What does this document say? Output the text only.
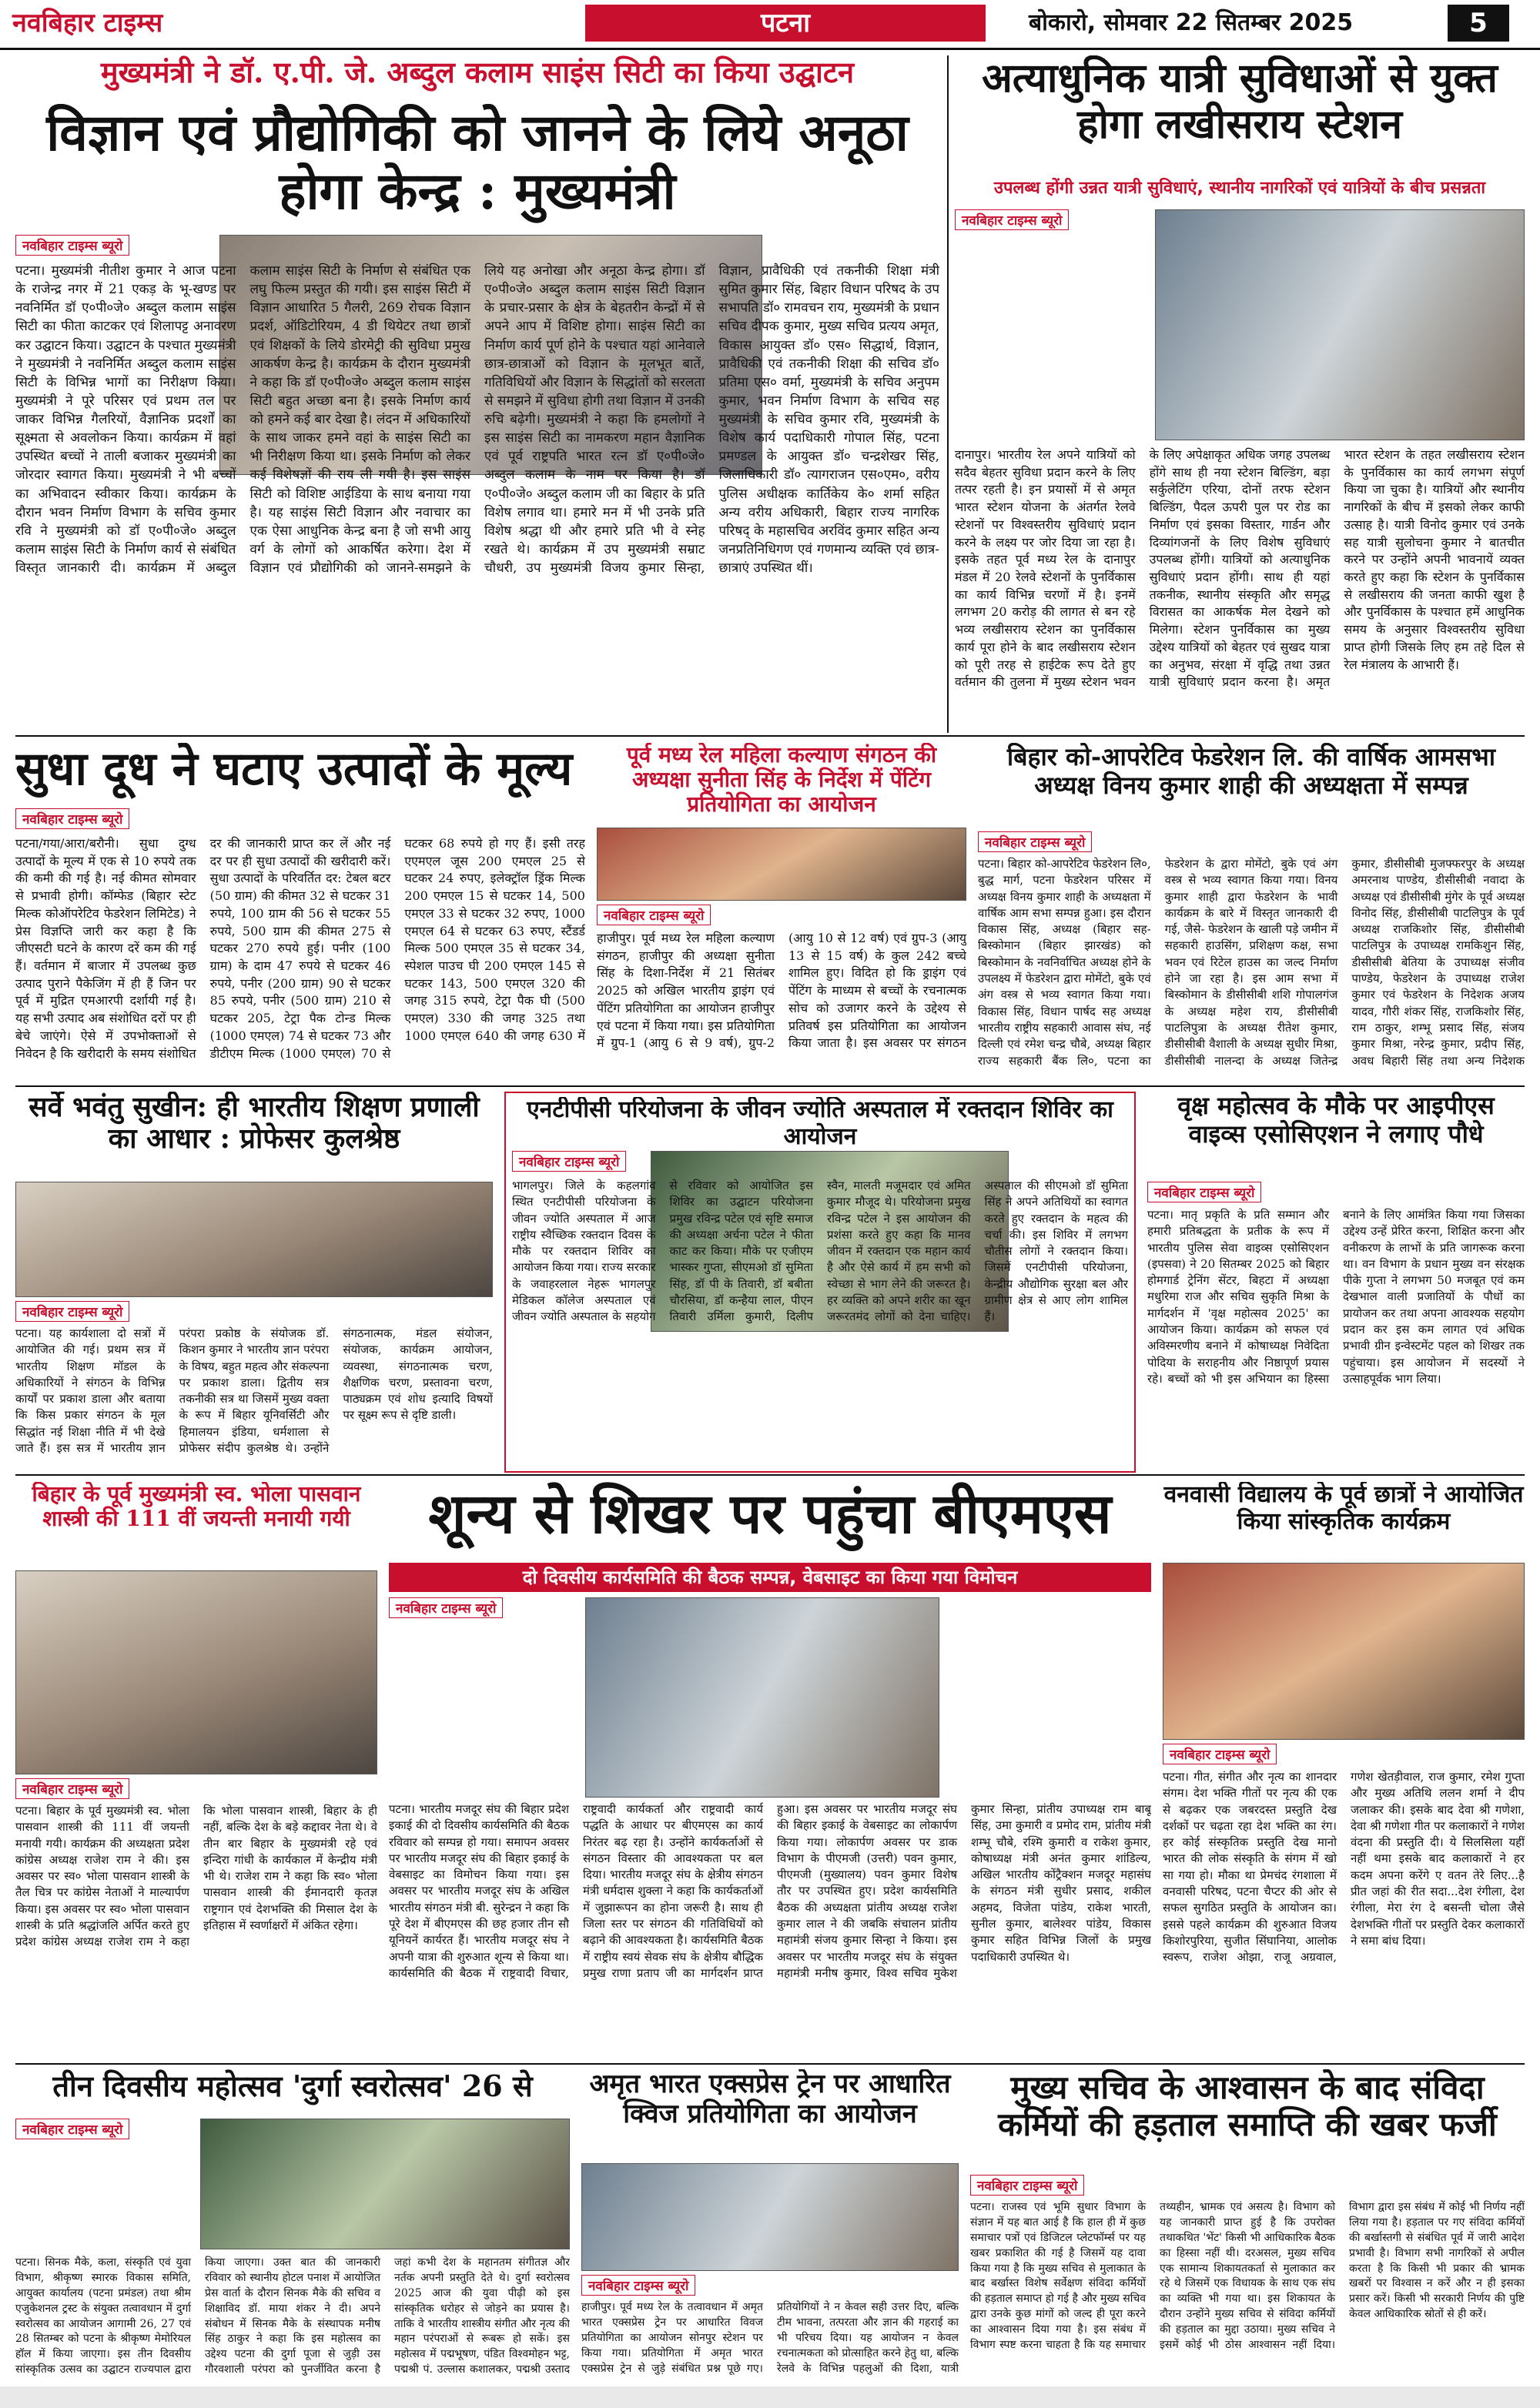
नवबिहार टाइम्स	पटना	बोकारो, सोमवार 22 सितम्बर 2025	5
मुख्यमंत्री ने डॉ. ए.पी. जे. अब्दुल कलाम साइंस सिटी का किया उद्घाटन
विज्ञान एवं प्रौद्योगिकी को जानने के लिये अनूठा होगा केन्द्र : मुख्यमंत्री
नवबिहार टाइम्स ब्यूरो
पटना। मुख्यमंत्री नीतीश कुमार ने आज पटना के राजेन्द्र नगर में 21 एकड़ के भू-खण्ड पर नवनिर्मित डॉ ए०पी०जे० अब्दुल कलाम साइंस सिटी का फीता काटकर एवं शिलापट्ट अनावरण कर उद्घाटन किया। उद्घाटन के पश्चात मुख्यमंत्री ने मुख्यमंत्री ने नवनिर्मित अब्दुल कलाम साइंस सिटी के विभिन्न भागों का निरीक्षण किया। मुख्यमंत्री ने पूरे परिसर एवं प्रथम तल पर जाकर विभिन्न गैलरियों, वैज्ञानिक प्रदर्शों का सूक्ष्मता से अवलोकन किया। कार्यक्रम में वहां उपस्थित बच्चों ने ताली बजाकर मुख्यमंत्री का जोरदार स्वागत किया। मुख्यमंत्री ने भी बच्चों का अभिवादन स्वीकार किया। कार्यक्रम के दौरान भवन निर्माण विभाग के सचिव कुमार रवि ने मुख्यमंत्री को डॉ ए०पी०जे० अब्दुल कलाम साइंस सिटी के निर्माण कार्य से संबंधित विस्तृत जानकारी दी। कार्यक्रम में अब्दुल कलाम साइंस सिटी के निर्माण से संबंधित एक लघु फिल्म प्रस्तुत की गयी। इस साइंस सिटी में विज्ञान आधारित 5 गैलरी, 269 रोचक विज्ञान प्रदर्श, ऑडिटोरियम, 4 डी थियेटर तथा छात्रों एवं शिक्षकों के लिये डोरमेट्री की सुविधा प्रमुख आकर्षण केन्द्र है। कार्यक्रम के दौरान मुख्यमंत्री ने कहा कि डॉ ए०पी०जे० अब्दुल कलाम साइंस सिटी बहुत अच्छा बना है। इसके निर्माण कार्य को हमने कई बार देखा है। लंदन में अधिकारियों के साथ जाकर हमने वहां के साइंस सिटी का भी निरीक्षण किया था। इसके निर्माण को लेकर कई विशेषज्ञों की राय ली गयी है। इस साइंस सिटी को विशिष्ट आईडिया के साथ बनाया गया है। यह साइंस सिटी विज्ञान और नवाचार का एक ऐसा आधुनिक केन्द्र बना है जो सभी आयु वर्ग के लोगों को आकर्षित करेगा। देश में विज्ञान एवं प्रौद्योगिकी को जानने-समझने के लिये यह अनोखा और अनूठा केन्द्र होगा। डॉ ए०पी०जे० अब्दुल कलाम साइंस सिटी विज्ञान के प्रचार-प्रसार के क्षेत्र के बेहतरीन केन्द्रों में से अपने आप में विशिष्ट होगा। साइंस सिटी का निर्माण कार्य पूर्ण होने के पश्चात यहां आनेवाले छात्र-छात्राओं को विज्ञान के मूलभूत बातें, गतिविधियों और विज्ञान के सिद्धांतों को सरलता से समझने में सुविधा होगी तथा विज्ञान में उनकी रुचि बढ़ेगी। मुख्यमंत्री ने कहा कि हमलोगों ने इस साइंस सिटी का नामकरण महान वैज्ञानिक एवं पूर्व राष्ट्रपति भारत रत्न डॉ ए०पी०जे० अब्दुल कलाम के नाम पर किया है। डॉ ए०पी०जे० अब्दुल कलाम जी का बिहार के प्रति विशेष लगाव था। हमारे मन में भी उनके प्रति विशेष श्रद्धा थी और हमारे प्रति भी वे स्नेह रखते थे। कार्यक्रम में उप मुख्यमंत्री सम्राट चौधरी, उप मुख्यमंत्री विजय कुमार सिन्हा, विज्ञान, प्रावैधिकी एवं तकनीकी शिक्षा मंत्री सुमित कुमार सिंह, बिहार विधान परिषद के उप सभापति डॉ० रामवचन राय, मुख्यमंत्री के प्रधान सचिव दीपक कुमार, मुख्य सचिव प्रत्यय अमृत, विकास आयुक्त डॉ० एस० सिद्धार्थ, विज्ञान, प्रावैधिकी एवं तकनीकी शिक्षा की सचिव डॉ० प्रतिमा एस० वर्मा, मुख्यमंत्री के सचिव अनुपम कुमार, भवन निर्माण विभाग के सचिव सह मुख्यमंत्री के सचिव कुमार रवि, मुख्यमंत्री के विशेष कार्य पदाधिकारी गोपाल सिंह, पटना प्रमण्डल के आयुक्त डॉ० चन्द्रशेखर सिंह, जिलाधिकारी डॉ० त्यागराजन एस०एम०, वरीय पुलिस अधीक्षक कार्तिकेय के० शर्मा सहित अन्य वरीय अधिकारी, बिहार राज्य नागरिक परिषद् के महासचिव अरविंद कुमार सहित अन्य जनप्रतिनिधिगण एवं गणमान्य व्यक्ति एवं छात्र-छात्राएं उपस्थित थीं।
अत्याधुनिक यात्री सुविधाओं से युक्त होगा लखीसराय स्टेशन
उपलब्ध होंगी उन्नत यात्री सुविधाएं, स्थानीय नागरिकों एवं यात्रियों के बीच प्रसन्नता
नवबिहार टाइम्स ब्यूरो
दानापुर। भारतीय रेल अपने यात्रियों को सदैव बेहतर सुविधा प्रदान करने के लिए तत्पर रहती है। इन प्रयासों में से अमृत भारत स्टेशन योजना के अंतर्गत रेलवे स्टेशनों पर विश्वस्तरीय सुविधाएं प्रदान करने के लक्ष्य पर जोर दिया जा रहा है। इसके तहत पूर्व मध्य रेल के दानापुर मंडल में 20 रेलवे स्टेशनों के पुनर्विकास का कार्य विभिन्न चरणों में है। इनमें लगभग 20 करोड़ की लागत से बन रहे भव्य लखीसराय स्टेशन का पुनर्विकास कार्य पूरा होने के बाद लखीसराय स्टेशन को पूरी तरह से हाईटेक रूप देते हुए वर्तमान की तुलना में मुख्य स्टेशन भवन के लिए अपेक्षाकृत अधिक जगह उपलब्ध होंगे साथ ही नया स्टेशन बिल्डिंग, बड़ा सर्कुलेटिंग एरिया, दोनों तरफ स्टेशन बिल्डिंग, पैदल ऊपरी पुल पर रोड का निर्माण एवं इसका विस्तार, गार्डन और दिव्यांगजनों के लिए विशेष सुविधाएं उपलब्ध होंगी। यात्रियों को अत्याधुनिक सुविधाएं प्रदान होंगी। साथ ही यहां तकनीक, स्थानीय संस्कृति और समृद्ध विरासत का आकर्षक मेल देखने को मिलेगा। स्टेशन पुनर्विकास का मुख्य उद्देश्य यात्रियों को बेहतर एवं सुखद यात्रा का अनुभव, संरक्षा में वृद्धि तथा उन्नत यात्री सुविधाएं प्रदान करना है। अमृत भारत स्टेशन के तहत लखीसराय स्टेशन के पुनर्विकास का कार्य लगभग संपूर्ण किया जा चुका है। यात्रियों और स्थानीय नागरिकों के बीच में इसको लेकर काफी उत्साह है। यात्री विनोद कुमार एवं उनके सह यात्री सुलोचना कुमार ने बातचीत करने पर उन्होंने अपनी भावनायें व्यक्त करते हुए कहा कि स्टेशन के पुनर्विकास से लखीसराय की जनता काफी खुश है और पुनर्विकास के पश्चात हमें आधुनिक समय के अनुसार विश्वस्तरीय सुविधा प्राप्त होगी जिसके लिए हम तहे दिल से रेल मंत्रालय के आभारी हैं।
सुधा दूध ने घटाए उत्पादों के मूल्य
नवबिहार टाइम्स ब्यूरो
पटना/गया/आरा/बरौनी। सुधा दुग्ध उत्पादों के मूल्य में एक से 10 रुपये तक की कमी की गई है। नई कीमत सोमवार से प्रभावी होगी। कॉम्फेड (बिहार स्टेट मिल्क कोऑपरेटिव फेडरेशन लिमिटेड) ने प्रेस विज्ञप्ति जारी कर कहा है कि जीएसटी घटने के कारण दरें कम की गई हैं। वर्तमान में बाजार में उपलब्ध कुछ उत्पाद पुराने पैकेजिंग में ही हैं जिन पर पूर्व में मुद्रित एमआरपी दर्शायी गई है। यह सभी उत्पाद अब संशोधित दरों पर ही बेचे जाएंगे। ऐसे में उपभोक्ताओं से निवेदन है कि खरीदारी के समय संशोधित दर की जानकारी प्राप्त कर लें और नई दर पर ही सुधा उत्पादों की खरीदारी करें। सुधा उत्पादों के परिवर्तित दर: टेबल बटर (50 ग्राम) की कीमत 32 से घटकर 31 रुपये, 100 ग्राम की 56 से घटकर 55 रुपये, 500 ग्राम की कीमत 275 से घटकर 270 रुपये हुई। पनीर (100 ग्राम) के दाम 47 रुपये से घटकर 46 रुपये, पनीर (200 ग्राम) 90 से घटकर 85 रुपये, पनीर (500 ग्राम) 210 से घटकर 205, टेट्रा पैक टोन्ड मिल्क (1000 एमएल) 74 से घटकर 73 और डीटीएम मिल्क (1000 एमएल) 70 से घटकर 68 रुपये हो गए हैं। इसी तरह एएमएल जूस 200 एमएल 25 से घटकर 24 रुपए, इलेक्ट्रॉल ड्रिंक मिल्क 200 एमएल 15 से घटकर 14, 500 एमएल 33 से घटकर 32 रुपए, 1000 एमएल 64 से घटकर 63 रुपए, स्टैंडर्ड मिल्क 500 एमएल 35 से घटकर 34, स्पेशल पाउच घी 200 एमएल 145 से घटकर 143, 500 एमएल 320 की जगह 315 रुपये, टेट्रा पैक घी (500 एमएल) 330 की जगह 325 तथा 1000 एमएल 640 की जगह 630 में
पूर्व मध्य रेल महिला कल्याण संगठन की अध्यक्षा सुनीता सिंह के निर्देश में पेंटिंग प्रतियोगिता का आयोजन
नवबिहार टाइम्स ब्यूरो
हाजीपुर। पूर्व मध्य रेल महिला कल्याण संगठन, हाजीपुर की अध्यक्षा सुनीता सिंह के दिशा-निर्देश में 21 सितंबर 2025 को अखिल भारतीय ड्राइंग एवं पेंटिंग प्रतियोगिता का आयोजन हाजीपुर एवं पटना में किया गया। इस प्रतियोगिता में ग्रुप-1 (आयु 6 से 9 वर्ष), ग्रुप-2 (आयु 10 से 12 वर्ष) एवं ग्रुप-3 (आयु 13 से 15 वर्ष) के कुल 242 बच्चे शामिल हुए। विदित हो कि ड्राइंग एवं पेंटिंग के माध्यम से बच्चों के रचनात्मक सोच को उजागर करने के उद्देश्य से प्रतिवर्ष इस प्रतियोगिता का आयोजन किया जाता है। इस अवसर पर संगठन
बिहार को-आपरेटिव फेडरेशन लि. की वार्षिक आमसभा अध्यक्ष विनय कुमार शाही की अध्यक्षता में सम्पन्न
नवबिहार टाइम्स ब्यूरो
पटना। बिहार को-आपरेटिव फेडरेशन लि०, बुद्ध मार्ग, पटना फेडरेशन परिसर में अध्यक्ष विनय कुमार शाही के अध्यक्षता में वार्षिक आम सभा सम्पन्न हुआ। इस दौरान विकास सिंह, अध्यक्ष (बिहार सह- बिस्कोमान (बिहार झारखंड) को बिस्कोमान के नवनिर्वाचित अध्यक्ष होने के उपलक्ष्य में फेडरेशन द्वारा मोमेंटो, बुके एवं अंग वस्त्र से भव्य स्वागत किया गया। विकास सिंह, विधान पार्षद सह अध्यक्ष भारतीय राष्ट्रीय सहकारी आवास संघ, नई दिल्ली एवं रमेश चन्द्र चौबे, अध्यक्ष बिहार राज्य सहकारी बैंक लि०, पटना का फेडरेशन के द्वारा मोमेंटो, बुके एवं अंग वस्त्र से भव्य स्वागत किया गया। विनय कुमार शाही द्वारा फेडरेशन के भावी कार्यक्रम के बारे में विस्तृत जानकारी दी गई, जैसे- फेडरेशन के खाली पड़े जमीन में सहकारी हाउसिंग, प्रशिक्षण कक्ष, सभा भवन एवं रिटेल हाउस का जल्द निर्माण होने जा रहा है। इस आम सभा में बिस्कोमान के डीसीसीबी शशि गोपालगंज के अध्यक्ष महेश राय, डीसीसीबी पाटलिपुत्रा के अध्यक्ष रीतेश कुमार, डीसीसीबी वैशाली के अध्यक्ष सुधीर मिश्रा, डीसीसीबी नालन्दा के अध्यक्ष जितेन्द्र कुमार, डीसीसीबी मुजफ्फरपुर के अध्यक्ष अमरनाथ पाण्डेय, डीसीसीबी नवादा के अध्यक्ष एवं डीसीसीबी मुंगेर के पूर्व अध्यक्ष विनोद सिंह, डीसीसीबी पाटलिपुत्र के पूर्व अध्यक्ष राजकिशोर सिंह, डीसीसीबी पाटलिपुत्र के उपाध्यक्ष रामकिशुन सिंह, डीसीसीबी बेतिया के उपाध्यक्ष संजीव पाण्डेय, फेडरेशन के उपाध्यक्ष राजेश कुमार एवं फेडरेशन के निदेशक अजय यादव, गौरी शंकर सिंह, राजकिशोर सिंह, राम ठाकुर, शम्भू प्रसाद सिंह, संजय कुमार मिश्रा, नरेन्द्र कुमार, प्रदीप सिंह, अवध बिहारी सिंह तथा अन्य निदेशक
सर्वे भवंतु सुखीन: ही भारतीय शिक्षण प्रणाली का आधार : प्रोफेसर कुलश्रेष्ठ
नवबिहार टाइम्स ब्यूरो
पटना। यह कार्यशाला दो सत्रों में आयोजित की गई। प्रथम सत्र में भारतीय शिक्षण मॉडल के अधिकारियों ने संगठन के विभिन्न कार्यों पर प्रकाश डाला और बताया कि किस प्रकार संगठन के मूल सिद्धांत नई शिक्षा नीति में भी देखे जाते हैं। इस सत्र में भारतीय ज्ञान परंपरा प्रकोष्ठ के संयोजक डॉ. किशन कुमार ने भारतीय ज्ञान परंपरा के विषय, बहुत महत्व और संकल्पना पर प्रकाश डाला। द्वितीय सत्र तकनीकी सत्र था जिसमें मुख्य वक्ता के रूप में बिहार यूनिवर्सिटी और हिमालयन इंडिया, धर्मशाला से प्रोफेसर संदीप कुलश्रेष्ठ थे। उन्होंने संगठनात्मक, मंडल संयोजन, संयोजक, कार्यक्रम आयोजन, व्यवस्था, संगठनात्मक चरण, शैक्षणिक चरण, प्रस्तावना चरण, पाठ्यक्रम एवं शोध इत्यादि विषयों पर सूक्ष्म रूप से दृष्टि डाली।
एनटीपीसी परियोजना के जीवन ज्योति अस्पताल में रक्तदान शिविर का आयोजन
नवबिहार टाइम्स ब्यूरो
भागलपुर। जिले के कहलगांव स्थित एनटीपीसी परियोजना के जीवन ज्योति अस्पताल में आज राष्ट्रीय स्वैच्छिक रक्तदान दिवस के मौके पर रक्तदान शिविर का आयोजन किया गया। राज्य सरकार के जवाहरलाल नेहरू भागलपुर मेडिकल कॉलेज अस्पताल एवं जीवन ज्योति अस्पताल के सहयोग से रविवार को आयोजित इस शिविर का उद्घाटन परियोजना प्रमुख रविन्द्र पटेल एवं सृष्टि समाज की अध्यक्षा अर्चना पटेल ने फीता काट कर किया। मौके पर एजीएम भास्कर गुप्ता, सीएमओ डॉ सुमिता सिंह, डॉ पी के तिवारी, डॉ बबीता चौरसिया, डॉ कन्हैया लाल, पीएन तिवारी उर्मिला कुमारी, दिलीप स्वैन, मालती मजूमदार एवं अमित कुमार मौजूद थे। परियोजना प्रमुख रविन्द्र पटेल ने इस आयोजन की प्रशंसा करते हुए कहा कि मानव जीवन में रक्तदान एक महान कार्य है और ऐसे कार्य में हम सभी को स्वेच्छा से भाग लेने की जरूरत है। हर व्यक्ति को अपने शरीर का खून जरूरतमंद लोगों को देना चाहिए। अस्पताल की सीएमओ डॉ सुमिता सिंह ने अपने अतिथियों का स्वागत करते हुए रक्तदान के महत्व की चर्चा की। इस शिविर में लगभग चौतीस लोगों ने रक्तदान किया। जिसमें एनटीपीसी परियोजना, केन्द्रीय औद्योगिक सुरक्षा बल और ग्रामीण क्षेत्र से आए लोग शामिल हैं।
वृक्ष महोत्सव के मौके पर आइपीएस वाइव्स एसोसिएशन ने लगाए पौधे
नवबिहार टाइम्स ब्यूरो
पटना। मातृ प्रकृति के प्रति सम्मान और हमारी प्रतिबद्धता के प्रतीक के रूप में भारतीय पुलिस सेवा वाइव्स एसोसिएशन (इपसवा) ने 20 सितम्बर 2025 को बिहार होमगार्ड ट्रेनिंग सेंटर, बिहटा में अध्यक्षा मधुरिमा राज और सचिव सुकृति मिश्रा के मार्गदर्शन में 'वृक्ष महोत्सव 2025' का आयोजन किया। कार्यक्रम को सफल एवं अविस्मरणीय बनाने में कोषाध्यक्ष निवेदिता पोदिया के सराहनीय और निष्ठापूर्ण प्रयास रहे। बच्चों को भी इस अभियान का हिस्सा बनाने के लिए आमंत्रित किया गया जिसका उद्देश्य उन्हें प्रेरित करना, शिक्षित करना और वनीकरण के लाभों के प्रति जागरूक करना था। वन विभाग के प्रधान मुख्य वन संरक्षक पीके गुप्ता ने लगभग 50 मजबूत एवं कम देखभाल वाली प्रजातियों के पौधों का प्रायोजन कर तथा अपना आवश्यक सहयोग प्रदान कर इस कम लागत एवं अधिक प्रभावी ग्रीन इन्वेस्टमेंट पहल को शिखर तक पहुंचाया। इस आयोजन में सदस्यों ने उत्साहपूर्वक भाग लिया।
बिहार के पूर्व मुख्यमंत्री स्व. भोला पासवान शास्त्री की 111 वीं जयन्ती मनायी गयी
नवबिहार टाइम्स ब्यूरो
पटना। बिहार के पूर्व मुख्यमंत्री स्व. भोला पासवान शास्त्री की 111 वीं जयन्ती मनायी गयी। कार्यक्रम की अध्यक्षता प्रदेश कांग्रेस अध्यक्ष राजेश राम ने की। इस अवसर पर स्व० भोला पासवान शास्त्री के तैल चित्र पर कांग्रेस नेताओं ने माल्यार्पण किया। इस अवसर पर स्व० भोला पासवान शास्त्री के प्रति श्रद्धांजलि अर्पित करते हुए प्रदेश कांग्रेस अध्यक्ष राजेश राम ने कहा कि भोला पासवान शास्त्री, बिहार के ही नहीं, बल्कि देश के बड़े कद्दावर नेता थे। वे तीन बार बिहार के मुख्यमंत्री रहे एवं इन्दिरा गांधी के कार्यकाल में केन्द्रीय मंत्री भी थे। राजेश राम ने कहा कि स्व० भोला पासवान शास्त्री की ईमानदारी कृतज्ञ राष्ट्रगान एवं देशभक्ति की मिसाल देश के इतिहास में स्वर्णाक्षरों में अंकित रहेगा।
शून्य से शिखर पर पहुंचा बीएमएस
दो दिवसीय कार्यसमिति की बैठक सम्पन्न, वेबसाइट का किया गया विमोचन
नवबिहार टाइम्स ब्यूरो
पटना। भारतीय मजदूर संघ की बिहार प्रदेश इकाई की दो दिवसीय कार्यसमिति की बैठक रविवार को सम्पन्न हो गया। समापन अवसर पर भारतीय मजदूर संघ की बिहार इकाई के वेबसाइट का विमोचन किया गया। इस अवसर पर भारतीय मजदूर संघ के अखिल भारतीय संगठन मंत्री बी. सुरेन्द्रन ने कहा कि पूरे देश में बीएमएस की छह हजार तीन सौ यूनियनें कार्यरत हैं। भारतीय मजदूर संघ ने अपनी यात्रा की शुरुआत शून्य से किया था। कार्यसमिति की बैठक में राष्ट्रवादी विचार, राष्ट्रवादी कार्यकर्ता और राष्ट्रवादी कार्य पद्धति के आधार पर बीएमएस का कार्य निरंतर बढ़ रहा है। उन्होंने कार्यकर्ताओं से संगठन विस्तार की आवश्यकता पर बल दिया। भारतीय मजदूर संघ के क्षेत्रीय संगठन मंत्री धर्मदास शुक्ला ने कहा कि कार्यकर्ताओं में जुझारूपन का होना जरूरी है। साथ ही जिला स्तर पर संगठन की गतिविधियों को बढ़ाने की आवश्यकता है। कार्यसमिति बैठक में राष्ट्रीय स्वयं सेवक संघ के क्षेत्रीय बौद्धिक प्रमुख राणा प्रताप जी का मार्गदर्शन प्राप्त हुआ। इस अवसर पर भारतीय मजदूर संघ की बिहार इकाई के वेबसाइट का लोकार्पण किया गया। लोकार्पण अवसर पर डाक विभाग के पीएमजी (उत्तरी) पवन कुमार, पीएमजी (मुख्यालय) पवन कुमार विशेष तौर पर उपस्थित हुए। प्रदेश कार्यसमिति बैठक की अध्यक्षता प्रांतीय अध्यक्ष राजेश कुमार लाल ने की जबकि संचालन प्रांतीय महामंत्री संजय कुमार सिन्हा ने किया। इस अवसर पर भारतीय मजदूर संघ के संयुक्त महामंत्री मनीष कुमार, विश्व सचिव मुकेश कुमार सिन्हा, प्रांतीय उपाध्यक्ष राम बाबू सिंह, उमा कुमारी व प्रमोद राम, प्रांतीय मंत्री शम्भू चौबे, रश्मि कुमारी व राकेश कुमार, कोषाध्यक्ष मंत्री अनंत कुमार शांडिल्य, अखिल भारतीय कोंट्रैक्शन मजदूर महासंघ के संगठन मंत्री सुधीर प्रसाद, शकील अहमद, विजेता पांडेय, राकेश भारती, सुनील कुमार, बालेश्वर पांडेय, विकास कुमार सहित विभिन्न जिलों के प्रमुख पदाधिकारी उपस्थित थे।
वनवासी विद्यालय के पूर्व छात्रों ने आयोजित किया सांस्कृतिक कार्यक्रम
नवबिहार टाइम्स ब्यूरो
पटना। गीत, संगीत और नृत्य का शानदार संगम। देश भक्ति गीतों पर नृत्य की एक से बढ़कर एक जबरदस्त प्रस्तुति देख दर्शकों पर चढ़ता रहा देश भक्ति का रंग। हर कोई संस्कृतिक प्रस्तुति देख मानो भारत की लोक संस्कृति के संगम में खो सा गया हो। मौका था प्रेमचंद रंगशाला में वनवासी परिषद, पटना चैप्टर की ओर से सफल सुगठित प्रस्तुति के आयोजन का। इससे पहले कार्यक्रम की शुरुआत विजय किशोरपुरिया, सुजीत सिंघानिया, आलोक स्वरूप, राजेश ओझा, राजू अग्रवाल, गणेश खेतड़ीवाल, राज कुमार, रमेश गुप्ता और मुख्य अतिथि ललन शर्मा ने दीप जलाकर की। इसके बाद देवा श्री गणेशा, देवा श्री गणेशा गीत पर कलाकारों ने गणेश वंदना की प्रस्तुति दी। ये सिलसिला यहीं नहीं थमा इसके बाद कलाकारों ने हर कदम अपना करेंगे ए वतन तेरे लिए...है प्रीत जहां की रीत सदा...देश रंगीला, देश रंगीला, मेरा रंग दे बसन्ती चोला जैसे देशभक्ति गीतों पर प्रस्तुति देकर कलाकारों ने समा बांध दिया।
तीन दिवसीय महोत्सव 'दुर्गा स्वरोत्सव' 26 से
नवबिहार टाइम्स ब्यूरो
पटना। सिनक मैके, कला, संस्कृति एवं युवा विभाग, श्रीकृष्ण स्मारक विकास समिति, आयुक्त कार्यालय (पटना प्रमंडल) तथा श्रीम एजुकेशनल ट्रस्ट के संयुक्त तत्वावधान में दुर्गा स्वरोत्सव का आयोजन आगामी 26, 27 एवं 28 सितम्बर को पटना के श्रीकृष्ण मेमोरियल हॉल में किया जाएगा। इस तीन दिवसीय सांस्कृतिक उत्सव का उद्घाटन राज्यपाल द्वारा किया जाएगा। उक्त बात की जानकारी रविवार को स्थानीय होटल पनाश में आयोजित प्रेस वार्ता के दौरान सिनक मैके की सचिव व शिक्षाविद डॉ. माया शंकर ने दी। अपने संबोधन में सिनक मैके के संस्थापक मनीष सिंह ठाकुर ने कहा कि इस महोत्सव का उद्देश्य पटना की दुर्गा पूजा से जुड़ी उस गौरवशाली परंपरा को पुनर्जीवित करना है जहां कभी देश के महानतम संगीतज्ञ और नर्तक अपनी प्रस्तुति देते थे। दुर्गा स्वरोत्सव 2025 आज की युवा पीढ़ी को इस सांस्कृतिक धरोहर से जोड़ने का प्रयास है। ताकि वे भारतीय शास्त्रीय संगीत और नृत्य की महान परंपराओं से रूबरू हो सकें। इस महोत्सव में पद्मभूषण, पंडित विश्वमोहन भट्ट, पद्मश्री पं. उल्लास कशालकर, पद्मश्री उस्ताद
अमृत भारत एक्सप्रेस ट्रेन पर आधारित क्विज प्रतियोगिता का आयोजन
नवबिहार टाइम्स ब्यूरो
हाजीपुर। पूर्व मध्य रेल के तत्वावधान में अमृत भारत एक्सप्रेस ट्रेन पर आधारित विवज प्रतियोगिता का आयोजन सोनपुर स्टेशन पर किया गया। प्रतियोगिता में अमृत भारत एक्सप्रेस ट्रेन से जुड़े संबंधित प्रश्न पूछे गए। प्रतियोगियों ने न केवल सही उत्तर दिए, बल्कि टीम भावना, तत्परता और ज्ञान की गहराई का भी परिचय दिया। यह आयोजन न केवल रचनात्मकता को प्रोत्साहित करने हेतु था, बल्कि रेलवे के विभिन्न पहलुओं की दिशा, यात्री
मुख्य सचिव के आश्वासन के बाद संविदा कर्मियों की हड़ताल समाप्ति की खबर फर्जी
नवबिहार टाइम्स ब्यूरो
पटना। राजस्व एवं भूमि सुधार विभाग के संज्ञान में यह बात आई है कि हाल ही में कुछ समाचार पत्रों एवं डिजिटल प्लेटफॉर्म्स पर यह खबर प्रकाशित की गई है जिसमें यह दावा किया गया है कि मुख्य सचिव से मुलाकात के बाद बर्खास्त विशेष सर्वेक्षण संविदा कर्मियों की हड़ताल समाप्त हो गई है और मुख्य सचिव द्वारा उनके कुछ मांगों को जल्द ही पूरा करने का आश्वासन दिया गया है। इस संबंध में विभाग स्पष्ट करना चाहता है कि यह समाचार तथ्यहीन, भ्रामक एवं असत्य है। विभाग को यह जानकारी प्राप्त हुई है कि उपरोक्त तथाकथित 'भेंट' किसी भी आधिकारिक बैठक का हिस्सा नहीं थी। दरअसल, मुख्य सचिव एक सामान्य शिकायतकर्ता से मुलाकात कर रहे थे जिसमें एक विधायक के साथ एक संघ का व्यक्ति भी गया था। इस शिकायत के दौरान उन्होंने मुख्य सचिव से संविदा कर्मियों की हड़ताल का मुद्दा उठाया। मुख्य सचिव ने इसमें कोई भी ठोस आश्वासन नहीं दिया। विभाग द्वारा इस संबंध में कोई भी निर्णय नहीं लिया गया है। हड़ताल पर गए संविदा कर्मियों की बर्खास्तगी से संबंधित पूर्व में जारी आदेश प्रभावी है। विभाग सभी नागरिकों से अपील करता है कि किसी भी प्रकार की भ्रामक खबरों पर विश्वास न करें और न ही इसका प्रसार करें। किसी भी सरकारी निर्णय की पुष्टि केवल आधिकारिक स्रोतों से ही करें।
